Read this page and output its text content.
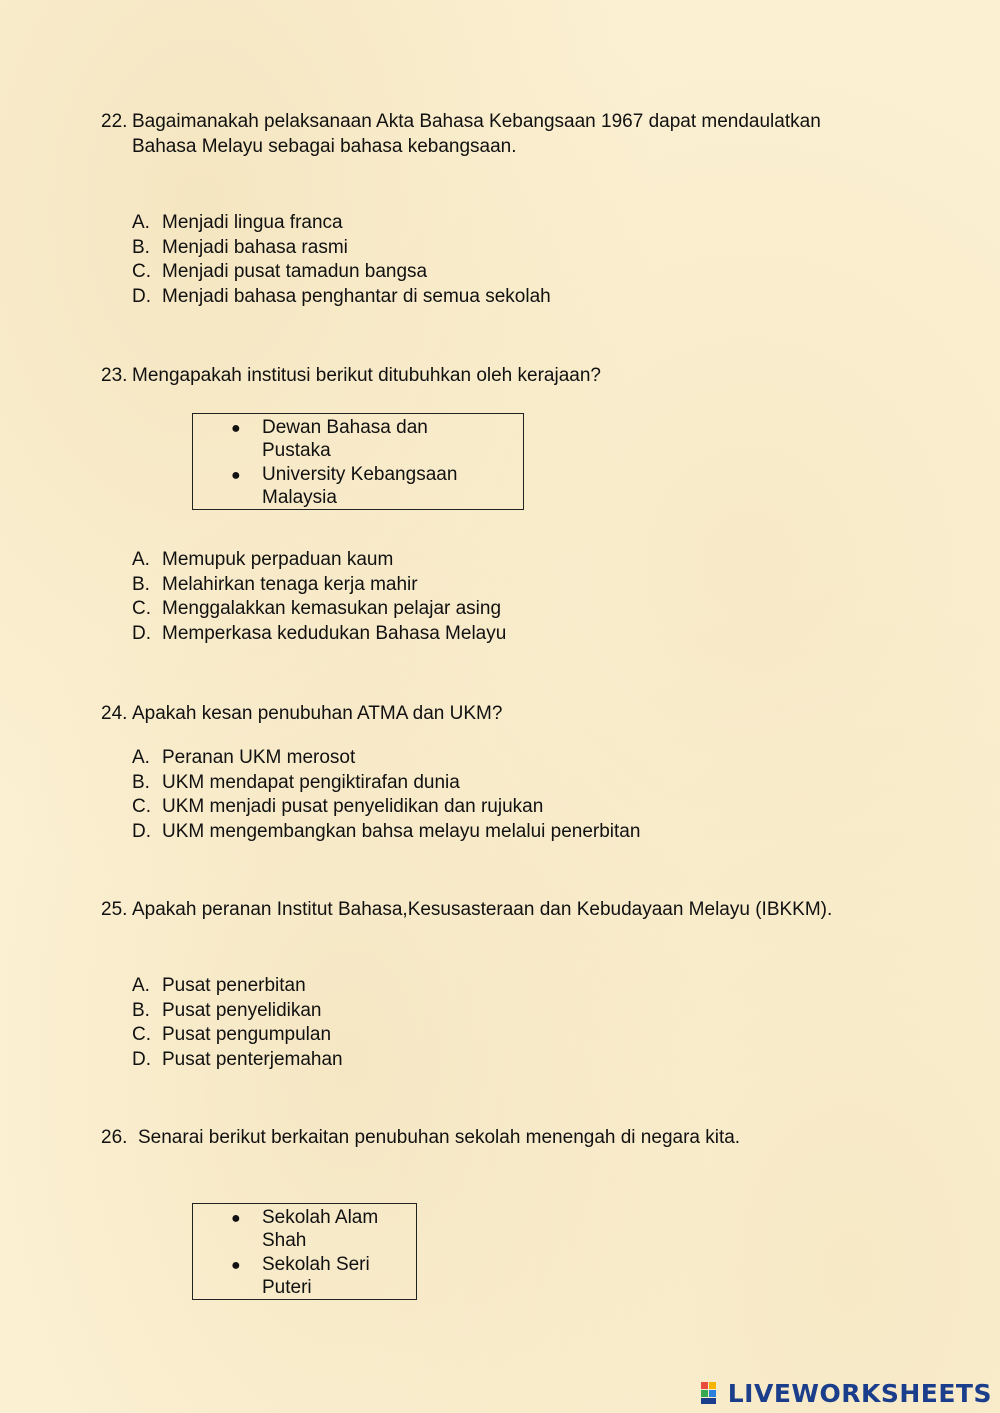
22. Bagaimanakah pelaksanaan Akta Bahasa Kebangsaan 1967 dapat mendaulatkan
Bahasa Melayu sebagai bahasa kebangsaan.
A. Menjadi lingua franca
B. Menjadi bahasa rasmi
C. Menjadi pusat tamadun bangsa
D. Menjadi bahasa penghantar di semua sekolah
23. Mengapakah institusi berikut ditubuhkan oleh kerajaan?
● Dewan Bahasa dan
Pustaka
● University Kebangsaan
Malaysia
A. Memupuk perpaduan kaum
B. Melahirkan tenaga kerja mahir
C. Menggalakkan kemasukan pelajar asing
D. Memperkasa kedudukan Bahasa Melayu
24. Apakah kesan penubuhan ATMA dan UKM?
A. Peranan UKM merosot
B. UKM mendapat pengiktirafan dunia
C. UKM menjadi pusat penyelidikan dan rujukan
D. UKM mengembangkan bahsa melayu melalui penerbitan
25. Apakah peranan Institut Bahasa,Kesusasteraan dan Kebudayaan Melayu (IBKKM).
A. Pusat penerbitan
B. Pusat penyelidikan
C. Pusat pengumpulan
D. Pusat penterjemahan
26. Senarai berikut berkaitan penubuhan sekolah menengah di negara kita.
● Sekolah Alam
Shah
● Sekolah Seri
Puteri
LIVEWORKSHEETS
